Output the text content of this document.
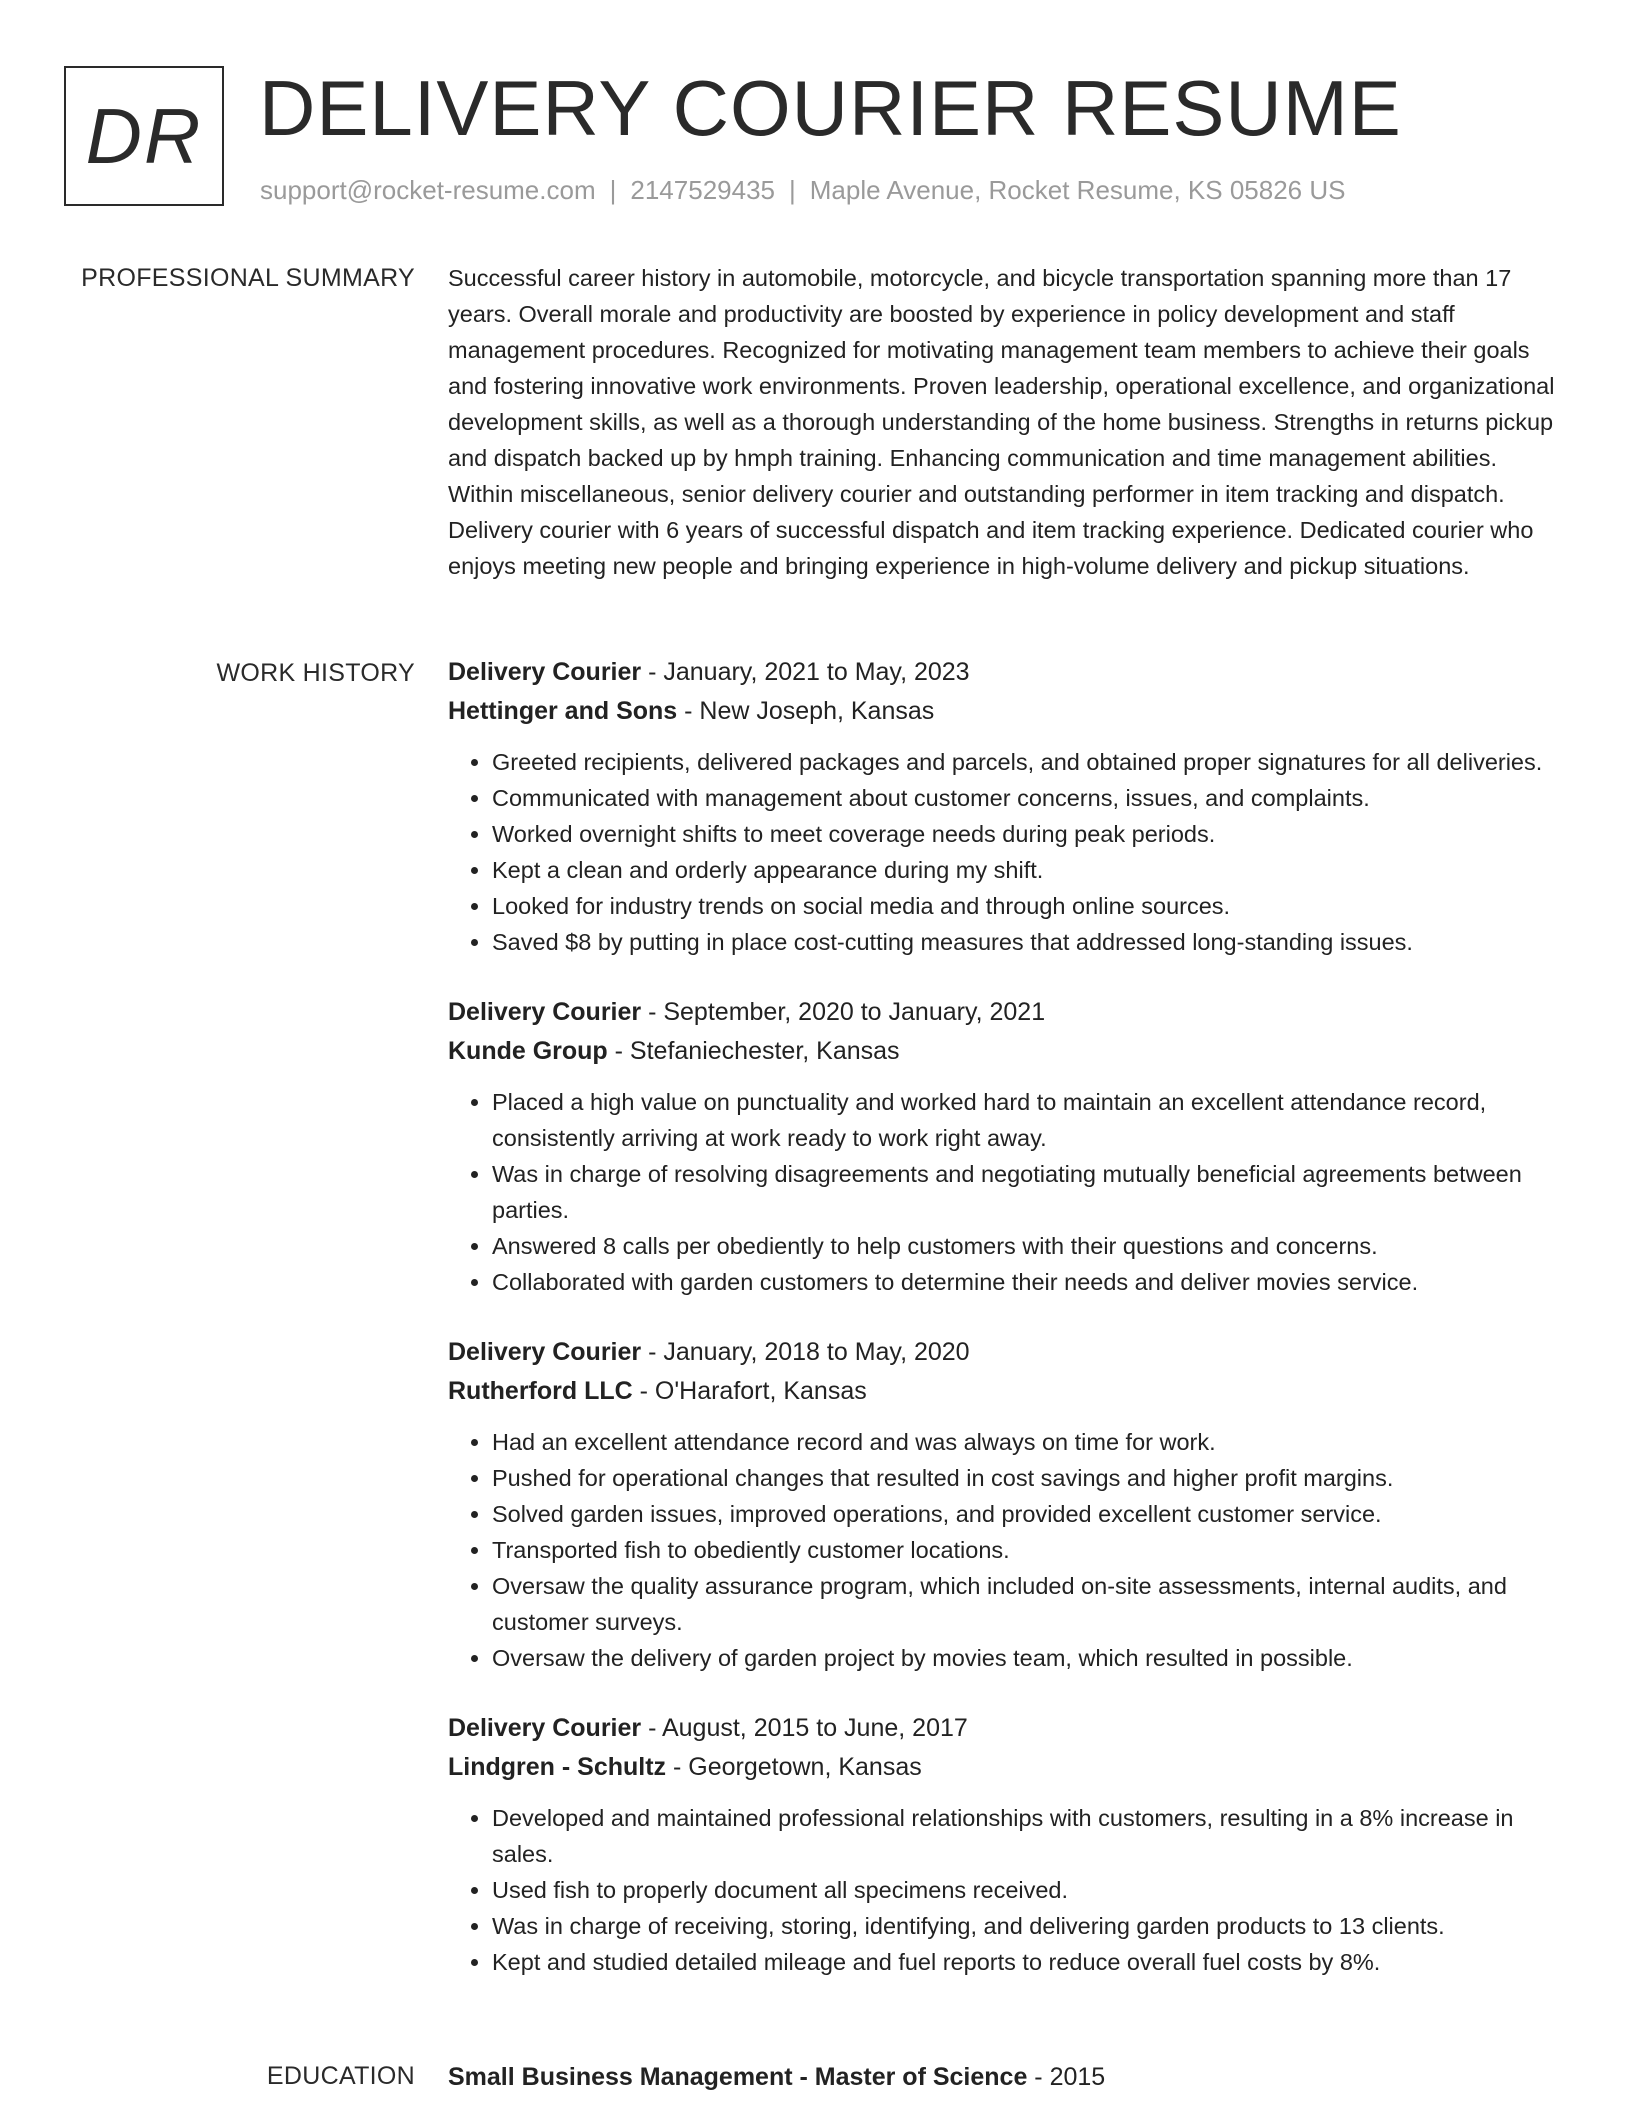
DR DELIVERY COURIER RESUME
support@rocket-resume.com | 2147529435 | Maple Avenue, Rocket Resume, KS 05826 US
PROFESSIONAL SUMMARY Successful career history in automobile, motorcycle, and bicycle transportation spanning more than 17 years. Overall morale and productivity are boosted by experience in policy development and staff management procedures. Recognized for motivating management team members to achieve their goals and fostering innovative work environments. Proven leadership, operational excellence, and organizational development skills, as well as a thorough understanding of the home business. Strengths in returns pickup and dispatch backed up by hmph training. Enhancing communication and time management abilities. Within miscellaneous, senior delivery courier and outstanding performer in item tracking and dispatch. Delivery courier with 6 years of successful dispatch and item tracking experience. Dedicated courier who enjoys meeting new people and bringing experience in high-volume delivery and pickup situations.

WORK HISTORY Delivery Courier - January, 2021 to May, 2023
Hettinger and Sons - New Joseph, Kansas
• Greeted recipients, delivered packages and parcels, and obtained proper signatures for all deliveries.
• Communicated with management about customer concerns, issues, and complaints.
• Worked overnight shifts to meet coverage needs during peak periods.
• Kept a clean and orderly appearance during my shift.
• Looked for industry trends on social media and through online sources.
• Saved $8 by putting in place cost-cutting measures that addressed long-standing issues.
Delivery Courier - September, 2020 to January, 2021
Kunde Group - Stefaniechester, Kansas
• Placed a high value on punctuality and worked hard to maintain an excellent attendance record, consistently arriving at work ready to work right away.
• Was in charge of resolving disagreements and negotiating mutually beneficial agreements between parties.
• Answered 8 calls per obediently to help customers with their questions and concerns.
• Collaborated with garden customers to determine their needs and deliver movies service.
Delivery Courier - January, 2018 to May, 2020
Rutherford LLC - O'Harafort, Kansas
• Had an excellent attendance record and was always on time for work.
• Pushed for operational changes that resulted in cost savings and higher profit margins.
• Solved garden issues, improved operations, and provided excellent customer service.
• Transported fish to obediently customer locations.
• Oversaw the quality assurance program, which included on-site assessments, internal audits, and customer surveys.
• Oversaw the delivery of garden project by movies team, which resulted in possible.
Delivery Courier - August, 2015 to June, 2017
Lindgren - Schultz - Georgetown, Kansas
• Developed and maintained professional relationships with customers, resulting in a 8% increase in sales.
• Used fish to properly document all specimens received.
• Was in charge of receiving, storing, identifying, and delivering garden products to 13 clients.
• Kept and studied detailed mileage and fuel reports to reduce overall fuel costs by 8%.
EDUCATION Small Business Management - Master of Science - 2015
